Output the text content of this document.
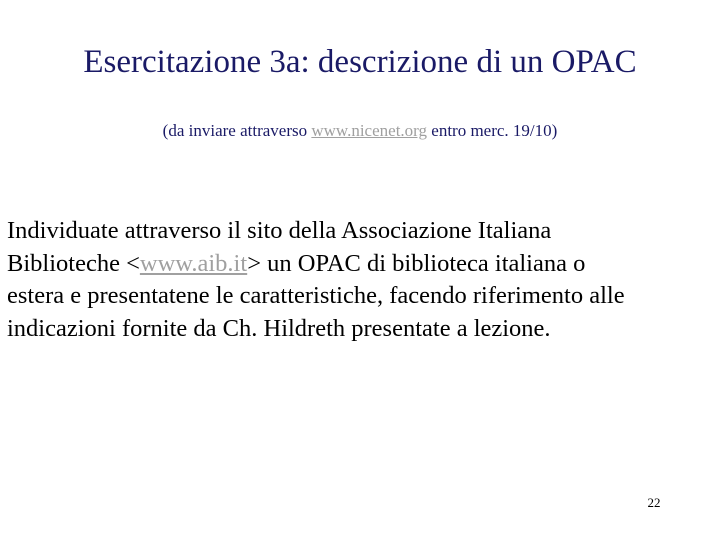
Esercitazione 3a: descrizione di un OPAC
(da inviare attraverso www.nicenet.org entro merc. 19/10)
Individuate attraverso il sito della Associazione Italiana
Biblioteche <www.aib.it> un OPAC di biblioteca italiana o
estera e presentatene le caratteristiche, facendo riferimento alle
indicazioni fornite da Ch. Hildreth presentate a lezione.
22
